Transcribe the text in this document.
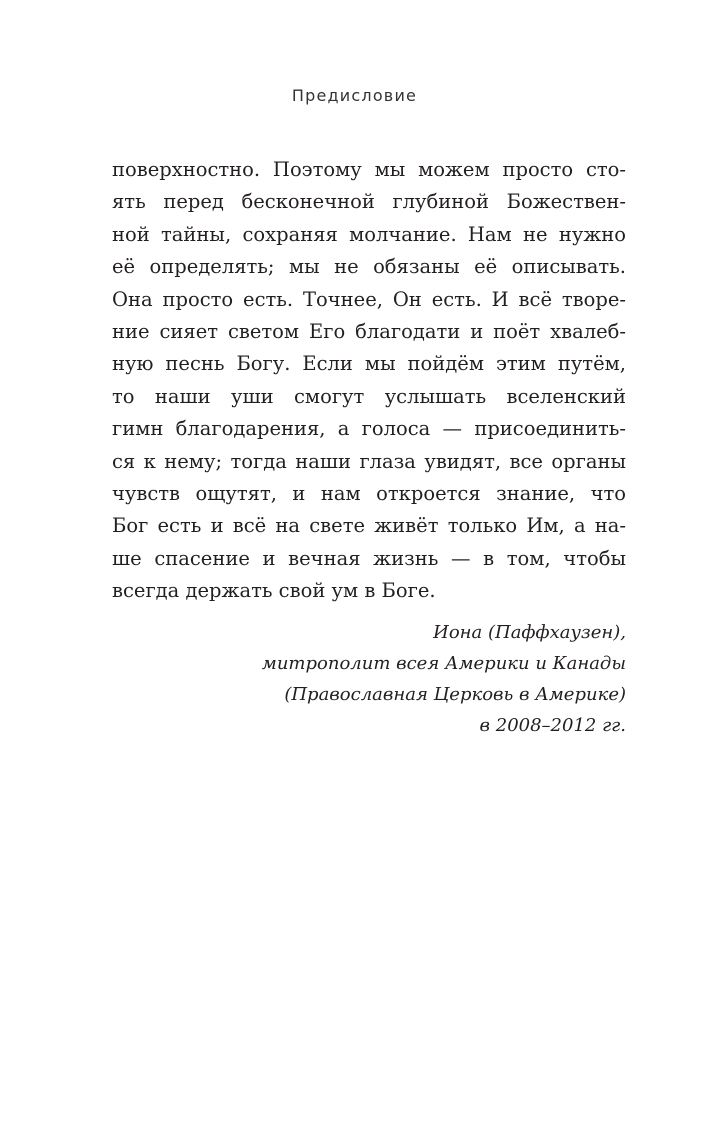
Предисловие
поверхностно. Поэтому мы можем просто сто-
ять перед бесконечной глубиной Божествен-
ной тайны, сохраняя молчание. Нам не нужно
её определять; мы не обязаны её описывать.
Она просто есть. Точнее, Он есть. И всё творе-
ние сияет светом Его благодати и поёт хвалеб-
ную песнь Богу. Если мы пойдём этим путём,
то наши уши смогут услышать вселенский
гимн благодарения, а голоса — присоединить-
ся к нему; тогда наши глаза увидят, все органы
чувств ощутят, и нам откроется знание, что
Бог есть и всё на свете живёт только Им, а на-
ше спасение и вечная жизнь — в том, чтобы
всегда держать свой ум в Боге.
Иона (Паффхаузен),
митрополит всея Америки и Канады
(Православная Церковь в Америке)
в 2008–2012 гг.
